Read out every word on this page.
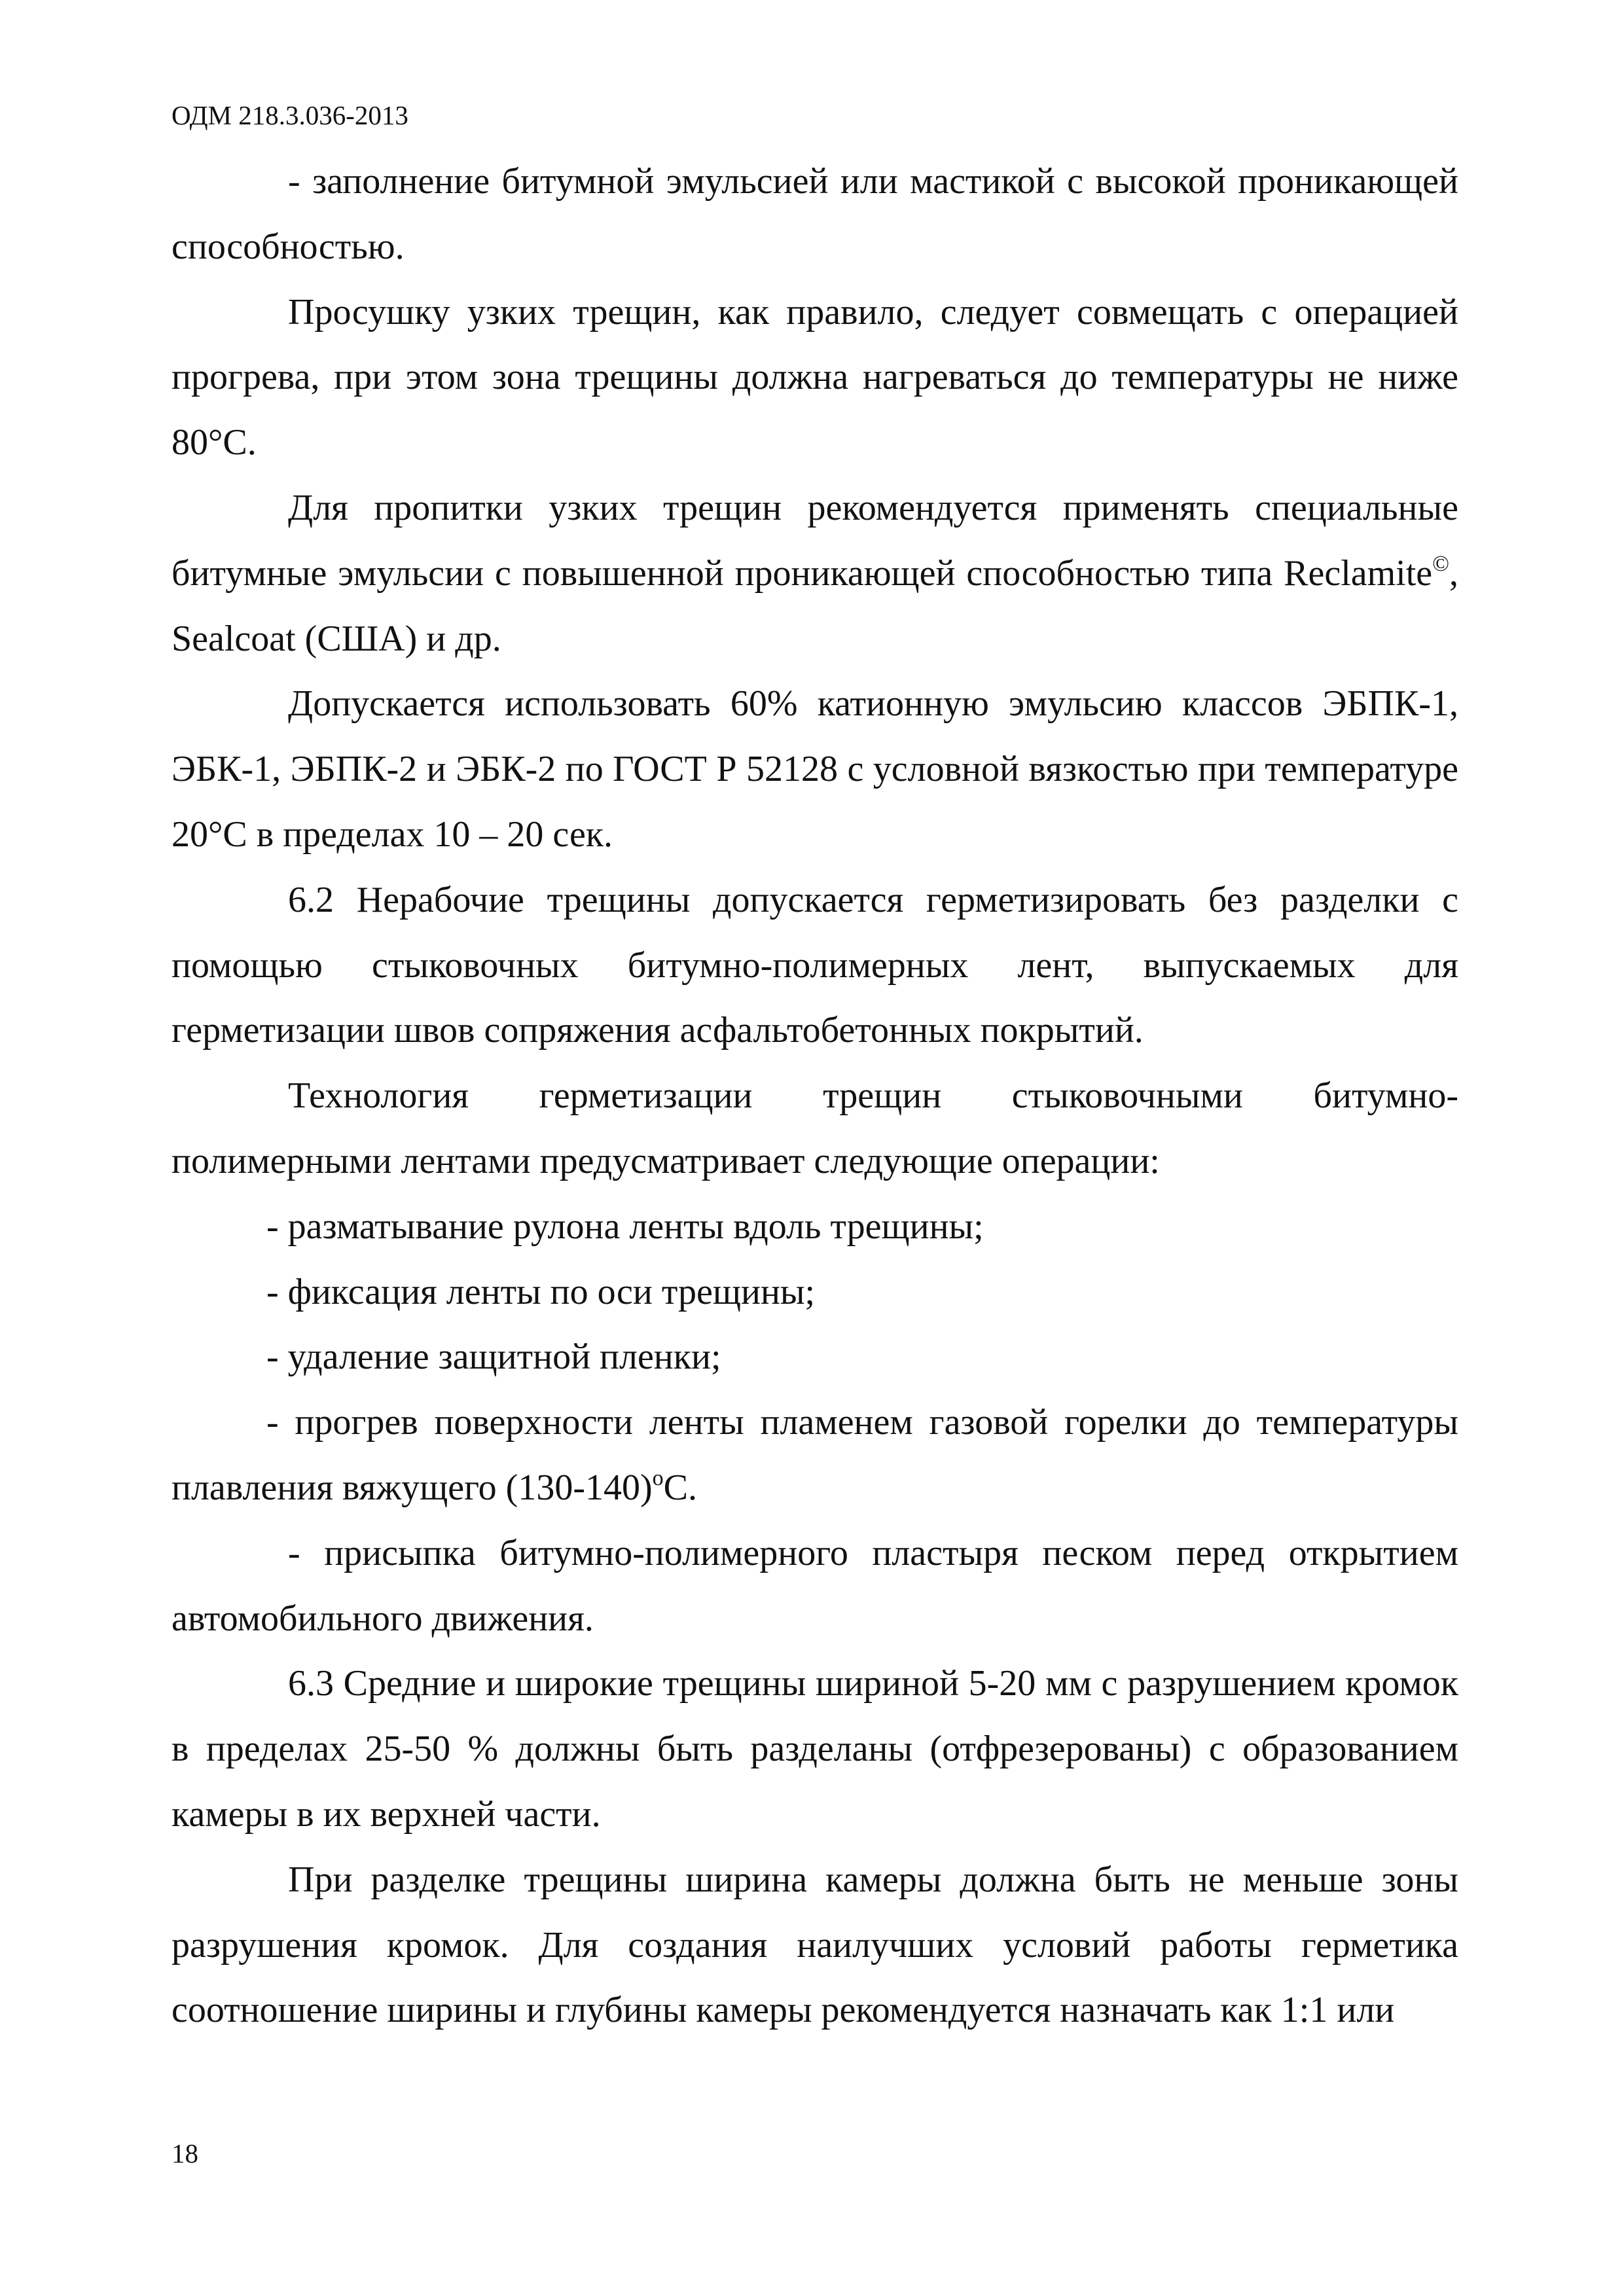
ОДМ 218.3.036-2013

- заполнение битумной эмульсией или мастикой с высокой проникающей способностью.

Просушку узких трещин, как правило, следует совмещать с операцией прогрева, при этом зона трещины должна нагреваться до температуры не ниже 80°С.

Для пропитки узких трещин рекомендуется применять специальные битумные эмульсии с повышенной проникающей способностью типа Reclamite©, Sealcoat (США) и др.

Допускается использовать 60% катионную эмульсию классов ЭБПК-1, ЭБК-1, ЭБПК-2 и ЭБК-2 по ГОСТ Р 52128 с условной вязкостью при температуре 20°С в пределах 10 – 20 сек.

6.2 Нерабочие трещины допускается герметизировать без разделки с помощью стыковочных битумно-полимерных лент, выпускаемых для герметизации швов сопряжения асфальтобетонных покрытий.

Технология герметизации трещин стыковочными битумно-

полимерными лентами предусматривает следующие операции:

- разматывание рулона ленты вдоль трещины;

- фиксация ленты по оси трещины;

- удаление защитной пленки;

- прогрев поверхности ленты пламенем газовой горелки до температуры плавления вяжущего $(130-140)^oС$.

- присыпка битумно-полимерного пластыря песком перед открытием автомобильного движения.

6.3 Средние и широкие трещины шириной 5-20 мм с разрушением кромок в пределах 25-50 % должны быть разделаны (отфрезерованы) с образованием камеры в их верхней части.

При разделке трещины ширина камеры должна быть не меньше зоны разрушения кромок. Для создания наилучших условий работы герметика соотношение ширины и глубины камеры рекомендуется назначать как 1:1 или

18
